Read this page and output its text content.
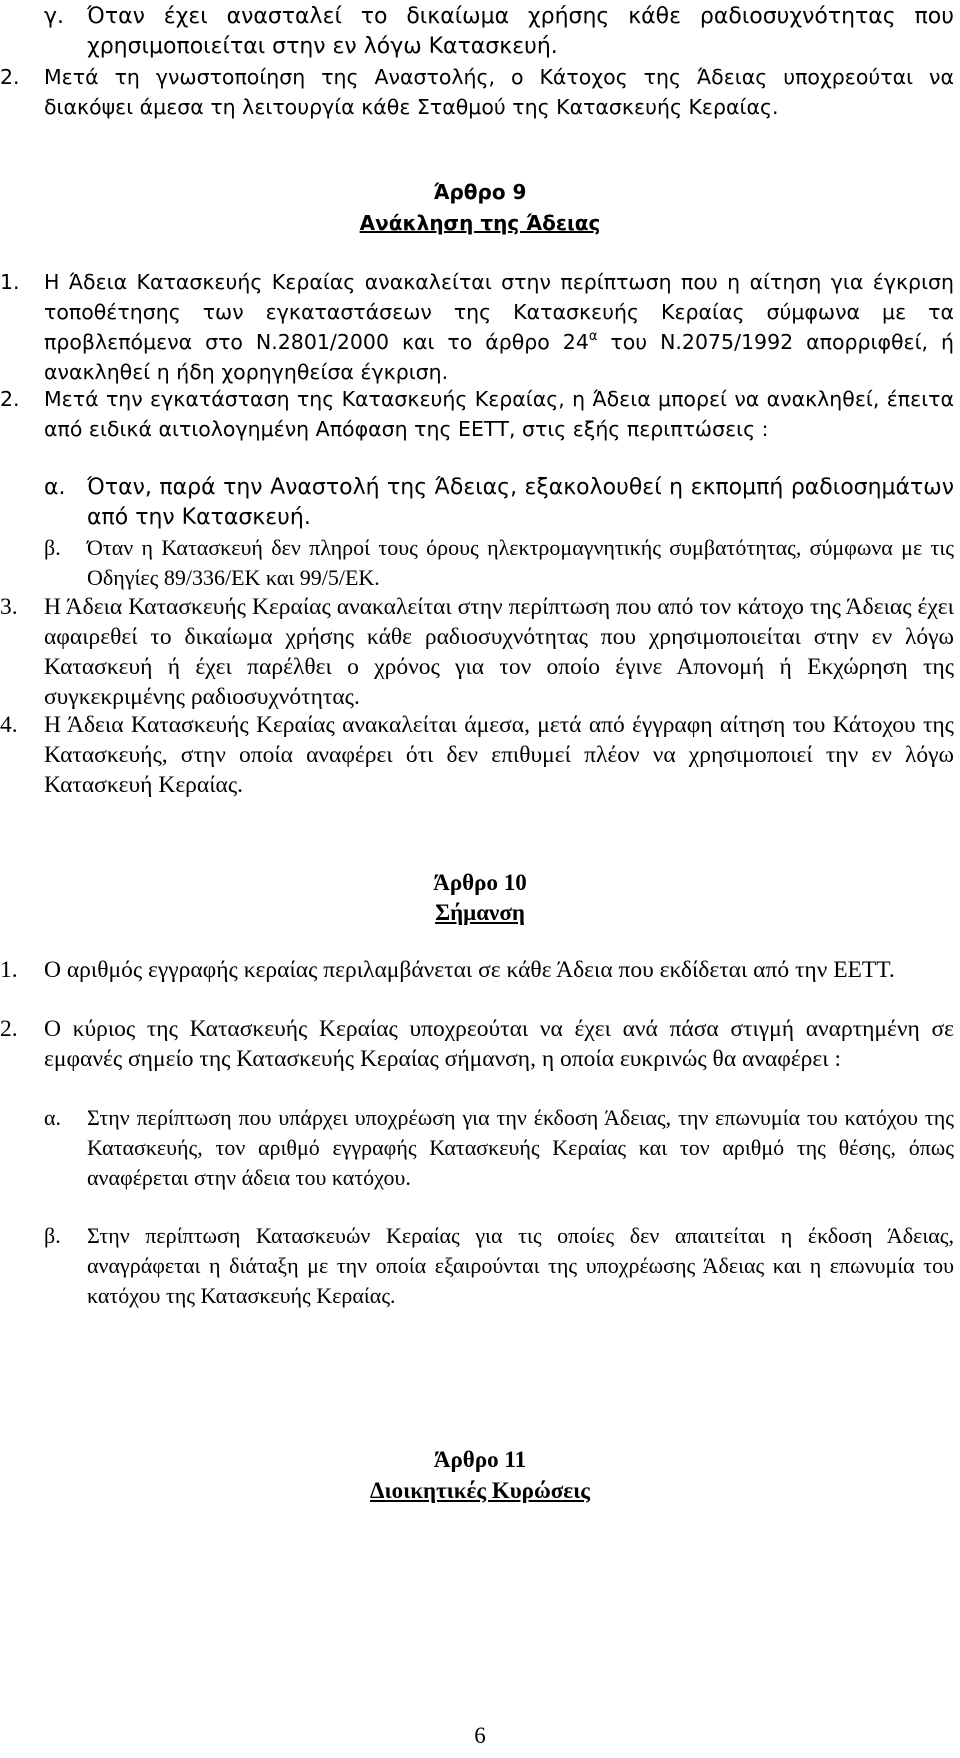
γ.	Όταν έχει ανασταλεί το δικαίωμα χρήσης κάθε ραδιοσυχνότητας που χρησιμοποιείται στην εν λόγω Κατασκευή.
2.	Μετά τη γνωστοποίηση της Αναστολής, ο Κάτοχος της Άδειας υποχρεούται να διακόψει άμεσα τη λειτουργία κάθε Σταθμού της Κατασκευής Κεραίας.
Άρθρο 9
Ανάκληση της Άδειας
1.	Η Άδεια Κατασκευής Κεραίας ανακαλείται στην περίπτωση που η αίτηση για έγκριση τοποθέτησης των εγκαταστάσεων της Κατασκευής Κεραίας σύμφωνα με τα προβλεπόμενα στο Ν.2801/2000 και το άρθρο $24^\alpha$ του Ν.2075/1992 απορριφθεί, ή ανακληθεί η ήδη χορηγηθείσα έγκριση.
2.	Μετά την εγκατάσταση της Κατασκευής Κεραίας, η Άδεια μπορεί να ανακληθεί, έπειτα από ειδικά αιτιολογημένη Απόφαση της ΕΕΤΤ, στις εξής περιπτώσεις :
α. Όταν, παρά την Αναστολή της Άδειας, εξακολουθεί η εκπομπή ραδιοσημάτων από την Κατασκευή.
β.	Όταν η Κατασκευή δεν πληροί τους όρους ηλεκτρομαγνητικής συμβατότητας, σύμφωνα με τις Οδηγίες 89/336/ΕΚ και 99/5/ΕΚ.
3.	Η Άδεια Κατασκευής Κεραίας ανακαλείται στην περίπτωση που από τον κάτοχο της Άδειας έχει αφαιρεθεί το δικαίωμα χρήσης κάθε ραδιοσυχνότητας που χρησιμοποιείται στην εν λόγω Κατασκευή ή έχει παρέλθει ο χρόνος για τον οποίο έγινε Απονομή ή Εκχώρηση της συγκεκριμένης ραδιοσυχνότητας.
4.	Η Άδεια Κατασκευής Κεραίας ανακαλείται άμεσα, μετά από έγγραφη αίτηση του Κάτοχου της Κατασκευής, στην οποία αναφέρει ότι δεν επιθυμεί πλέον να χρησιμοποιεί την εν λόγω Κατασκευή Κεραίας.
Άρθρο 10
Σήμανση
1.	Ο αριθμός εγγραφής κεραίας περιλαμβάνεται σε κάθε Άδεια που εκδίδεται από την ΕΕΤΤ.
2.	Ο κύριος της Κατασκευής Κεραίας υποχρεούται να έχει ανά πάσα στιγμή αναρτημένη σε εμφανές σημείο της Κατασκευής Κεραίας σήμανση, η οποία ευκρινώς θα αναφέρει :
α.	Στην περίπτωση που υπάρχει υποχρέωση για την έκδοση Άδειας, την επωνυμία του κατόχου της Κατασκευής, τον αριθμό εγγραφής Κατασκευής Κεραίας και τον αριθμό της θέσης, όπως αναφέρεται στην άδεια του κατόχου.
β.	Στην περίπτωση Κατασκευών Κεραίας για τις οποίες δεν απαιτείται η έκδοση Άδειας, αναγράφεται η διάταξη με την οποία εξαιρούνται της υποχρέωσης Άδειας και η επωνυμία του κατόχου της Κατασκευής Κεραίας.
Άρθρο 11
Διοικητικές Κυρώσεις
6
